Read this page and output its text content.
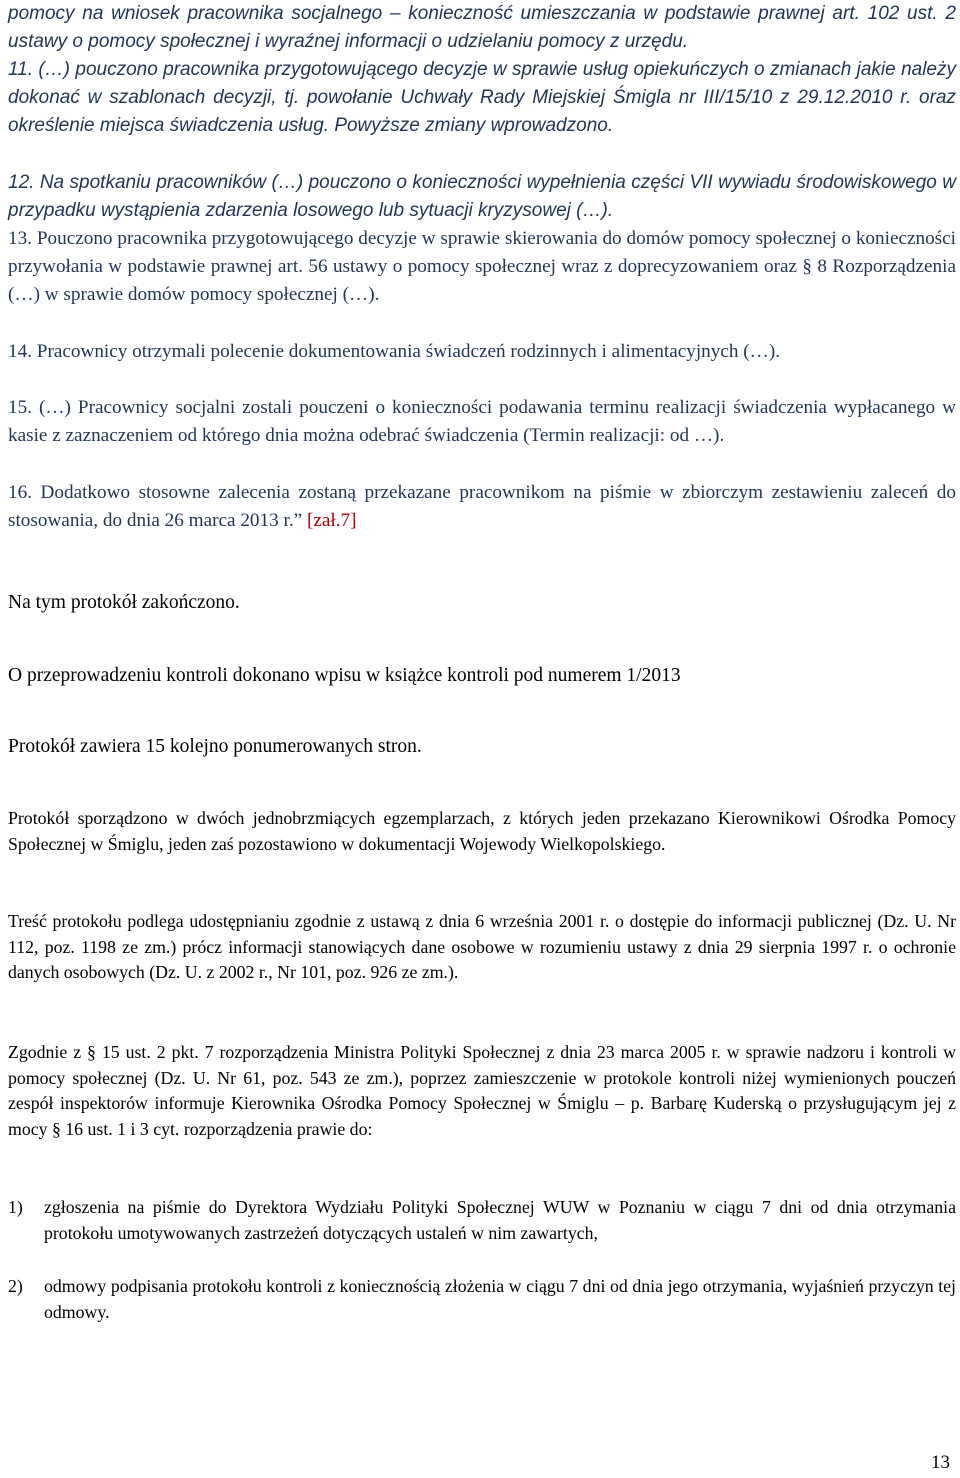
pomocy na wniosek pracownika socjalnego – konieczność umieszczania w podstawie prawnej art. 102 ust. 2 ustawy o pomocy społecznej i wyraźnej informacji o udzielaniu pomocy z urzędu.
11. (…) pouczono pracownika przygotowującego decyzje w sprawie usług opiekuńczych o zmianach jakie należy dokonać w szablonach decyzji, tj. powołanie Uchwały Rady Miejskiej Śmigla nr III/15/10 z 29.12.2010 r. oraz określenie miejsca świadczenia usług. Powyższe zmiany wprowadzono.
12. Na spotkaniu pracowników (…) pouczono o konieczności wypełnienia części VII wywiadu środowiskowego w przypadku wystąpienia zdarzenia losowego lub sytuacji kryzysowej (…).
13. Pouczono pracownika przygotowującego decyzje w sprawie skierowania do domów pomocy społecznej o konieczności przywołania w podstawie prawnej art. 56 ustawy o pomocy społecznej wraz z doprecyzowaniem oraz § 8 Rozporządzenia (…) w sprawie domów pomocy społecznej (…).
14. Pracownicy otrzymali polecenie dokumentowania świadczeń rodzinnych i alimentacyjnych (…).
15. (…) Pracownicy socjalni zostali pouczeni o konieczności podawania terminu realizacji świadczenia wypłacanego w kasie z zaznaczeniem od którego dnia można odebrać świadczenia (Termin realizacji: od …).
16. Dodatkowo stosowne zalecenia zostaną przekazane pracownikom na piśmie w zbiorczym zestawieniu zaleceń do stosowania, do dnia 26 marca 2013 r.” [zał.7]
Na tym protokół zakończono.
O przeprowadzeniu kontroli dokonano wpisu w książce kontroli pod numerem 1/2013
Protokół zawiera 15 kolejno ponumerowanych stron.
Protokół sporządzono w dwóch jednobrzmiących egzemplarzach, z których jeden przekazano Kierownikowi Ośrodka Pomocy Społecznej w Śmiglu, jeden zaś pozostawiono w dokumentacji Wojewody Wielkopolskiego.
Treść protokołu podlega udostępnianiu zgodnie z ustawą z dnia 6 września 2001 r. o dostępie do informacji publicznej (Dz. U. Nr 112, poz. 1198 ze zm.) prócz informacji stanowiących dane osobowe w rozumieniu ustawy z dnia 29 sierpnia 1997 r. o ochronie danych osobowych (Dz. U. z 2002 r., Nr 101, poz. 926 ze zm.).
Zgodnie z § 15 ust. 2 pkt. 7 rozporządzenia Ministra Polityki Społecznej z dnia 23 marca 2005 r. w sprawie nadzoru i kontroli w pomocy społecznej (Dz. U. Nr 61, poz. 543 ze zm.), poprzez zamieszczenie w protokole kontroli niżej wymienionych pouczeń zespół inspektorów informuje Kierownika Ośrodka Pomocy Społecznej w Śmiglu – p. Barbarę Kuderską o przysługującym jej z mocy § 16 ust. 1 i 3 cyt. rozporządzenia prawie do:
1) zgłoszenia na piśmie do Dyrektora Wydziału Polityki Społecznej WUW w Poznaniu w ciągu 7 dni od dnia otrzymania protokołu umotywowanych zastrzeżeń dotyczących ustaleń w nim zawartych,
2) odmowy podpisania protokołu kontroli z koniecznością złożenia w ciągu 7 dni od dnia jego otrzymania, wyjaśnień przyczyn tej odmowy.
13
